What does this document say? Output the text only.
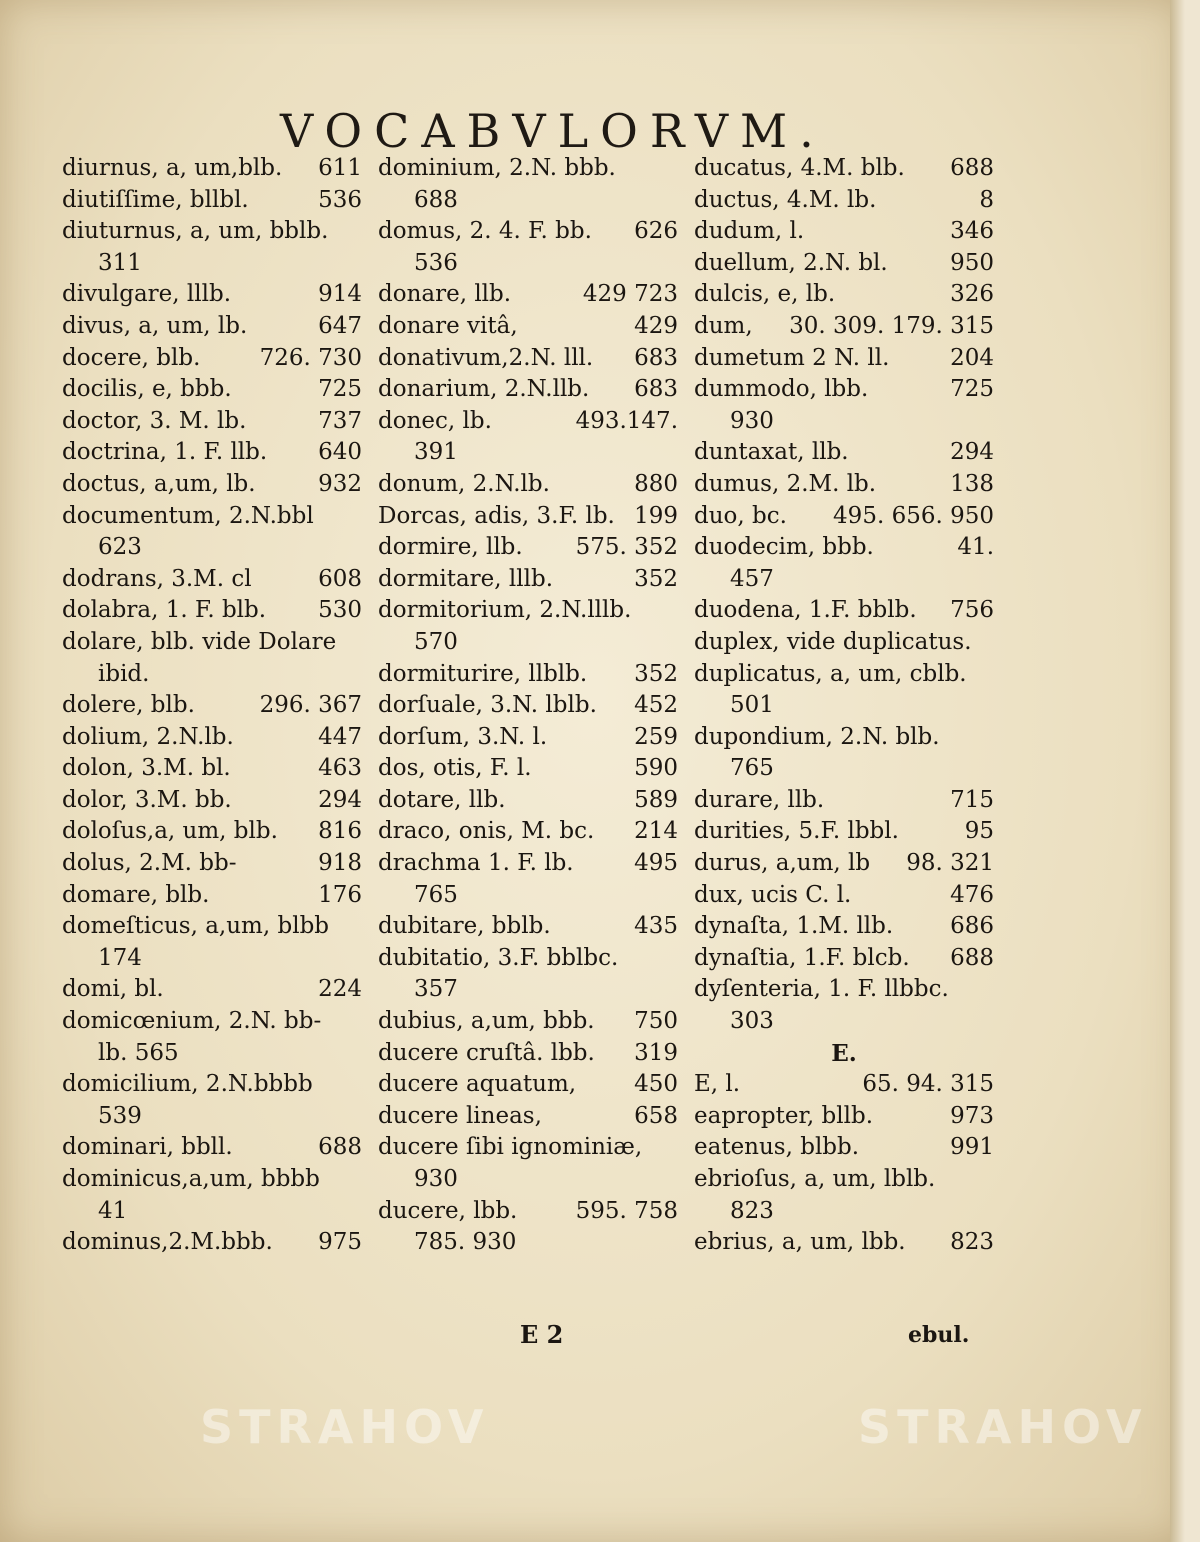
VOCABVLORVM.
diurnus, a, um,blb. 611
diutiſſime, bllbl.	536
diuturnus, a, um, bblb.
311
divulgare, lllb.	914
divus, a, um, lb.	647
docere, blb.	726. 730
docilis, e, bbb.	725
doctor, 3. M. lb.	737
doctrina, 1. F. llb. 640
doctus, a,um, lb.	932
documentum, 2.N.bbl
623
dodrans, 3.M. cl	608
dolabra, 1. F. blb. 530
dolare, blb. vide Dolare
ibid.
dolere, blb.	296. 367
dolium, 2.N.lb.	447
dolon, 3.M. bl.	463
dolor, 3.M. bb.	294
doloſus,a, um, blb. 816
dolus, 2.M. bb-	918
domare, blb.	176
domeſticus, a,um, blbb
174
domi, bl.	224
domicœnium, 2.N. bb-
lb. 565
domicilium, 2.N.bbbb
539
dominari, bbll.	688
dominicus,a,um, bbbb
41
dominus,2.M.bbb. 975
dominium, 2.N. bbb.
688
domus, 2. 4. F. bb. 626
536
donare, llb.	429 723
donare vitâ,	429
donativum,2.N. lll. 683
donarium, 2.N.llb. 683
donec, lb.	493.147.
391
donum, 2.N.lb.	880
Dorcas, adis, 3.F. lb. 199
dormire, llb. 575. 352
dormitare, lllb.	352
dormitorium, 2.N.lllb.
570
dormiturire, llblb. 352
dorſuale, 3.N. lblb. 452
dorſum, 3.N. l.	259
dos, otis, F. l.	590
dotare, llb.	589
draco, onis, M. bc. 214
drachma 1. F. lb.	495
765
dubitare, bblb.	435
dubitatio, 3.F. bblbc.
357
dubius, a,um, bbb. 750
ducere cruſtâ. lbb. 319
ducere aquatum,	450
ducere lineas,	658
ducere ſibi ignominiæ,
930
ducere, lbb.	595. 758
785. 930
ducatus, 4.M. blb. 688
ductus, 4.M. lb.	8
dudum, l.	346
duellum, 2.N. bl.	950
dulcis, e, lb.	326
dum, 30. 309. 179. 315
dumetum 2 N. ll.	204
dummodo, lbb.	725
930
duntaxat, llb.	294
dumus, 2.M. lb.	138
duo, bc. 495. 656. 950
duodecim, bbb.	41.
457
duodena, 1.F. bblb. 756
duplex, vide duplicatus.
duplicatus, a, um, cblb.
501
dupondium, 2.N. blb.
765
durare, llb.	715
durities, 5.F. lbbl.	95
durus, a,um, lb 98. 321
dux, ucis C. l.	476
dynaſta, 1.M. llb. 686
dynaſtia, 1.F. blcb. 688
dyſenteria, 1. F. llbbc.
303
E.
E, l.	65. 94. 315
eapropter, bllb.	973
eatenus, blbb.	991
ebrioſus, a, um, lblb.
823
ebrius, a, um, lbb. 823
E 2	ebul.
STRAHOV	STRAHOV
